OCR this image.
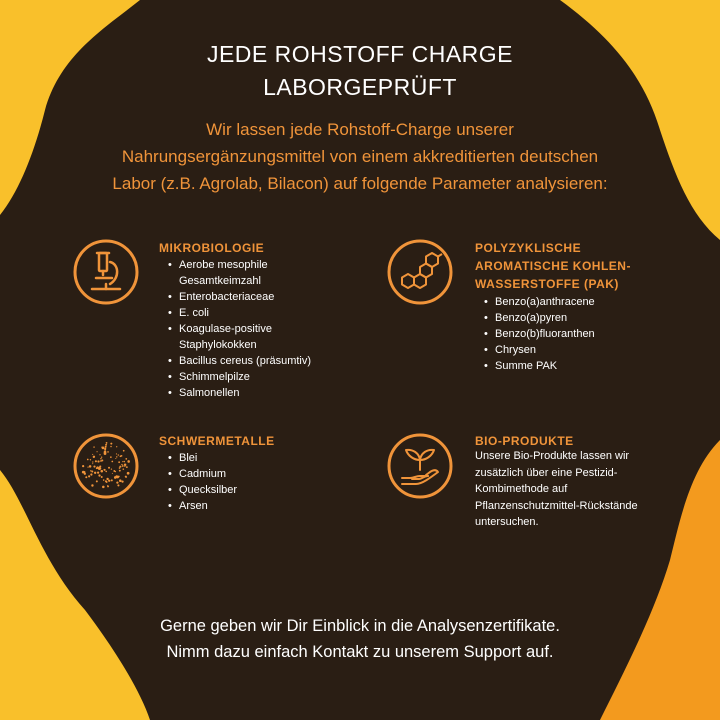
JEDE ROHSTOFF CHARGE
LABORGEPRÜFT
Wir lassen jede Rohstoff-Charge unserer
Nahrungsergänzungsmittel von einem akkreditierten deutschen
Labor (z.B. Agrolab, Bilacon) auf folgende Parameter analysieren:
MIKROBIOLOGIE
• Aerobe mesophile Gesamtkeimzahl
• Enterobacteriaceae
• E. coli
• Koagulase-positive Staphylokokken
• Bacillus cereus (präsumtiv)
• Schimmelpilze
• Salmonellen
POLYZYKLISCHE
AROMATISCHE KOHLEN-
WASSERSTOFFE (PAK)
• Benzo(a)anthracene
• Benzo(a)pyren
• Benzo(b)fluoranthen
• Chrysen
• Summe PAK
SCHWERMETALLE
• Blei
• Cadmium
• Quecksilber
• Arsen
BIO-PRODUKTE
Unsere Bio-Produkte lassen wir zusätzlich über eine Pestizid-Kombimethode auf Pflanzenschutzmittel-Rückstände untersuchen.
Gerne geben wir Dir Einblick in die Analysenzertifikate.
Nimm dazu einfach Kontakt zu unserem Support auf.
